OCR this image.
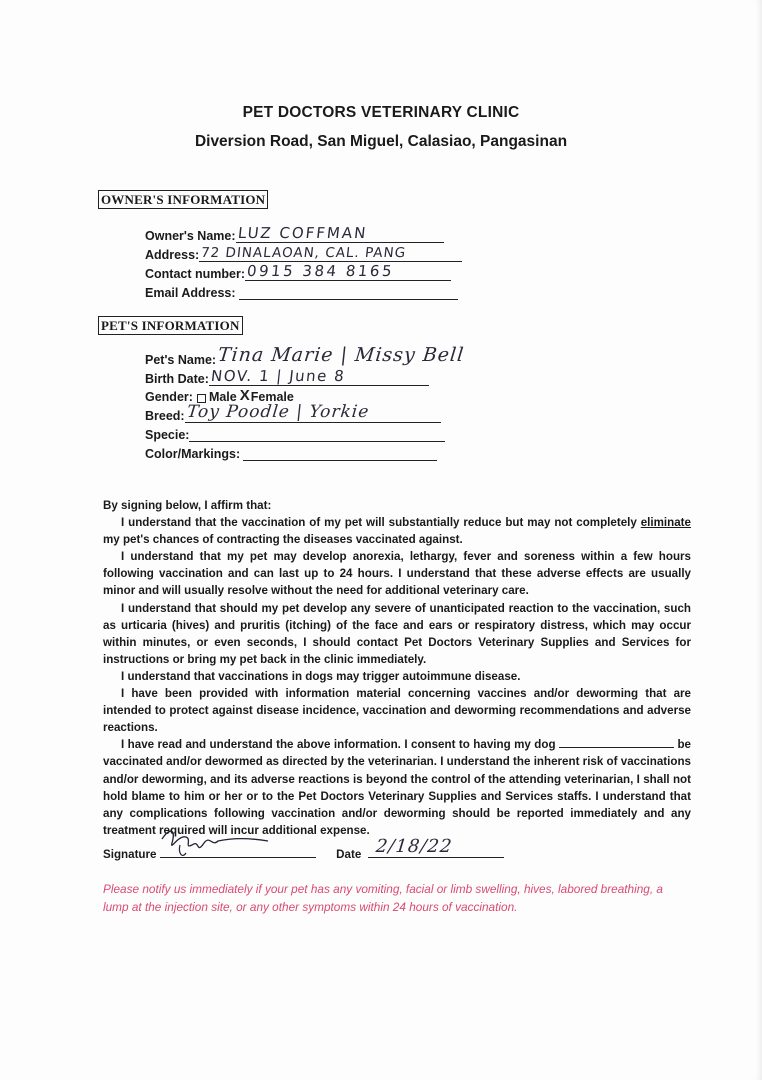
PET DOCTORS VETERINARY CLINIC
Diversion Road, San Miguel, Calasiao, Pangasinan
OWNER'S INFORMATION
Owner's Name: LUZ COFFMAN
Address: 72 DINALAOAN, CAL. PANG
Contact number: 0915 384 8165
Email Address:
PET'S INFORMATION
Pet's Name: Tina Marie | Missy Bell
Birth Date: NOV. 1 | June 8
Gender: Male X Female
Breed: Toy Poodle | Yorkie
Specie:
Color/Markings:

By signing below, I affirm that:

I understand that the vaccination of my pet will substantially reduce but may not completely eliminate my pet's chances of contracting the diseases vaccinated against.

I understand that my pet may develop anorexia, lethargy, fever and soreness within a few hours following vaccination and can last up to 24 hours. I understand that these adverse effects are usually minor and will usually resolve without the need for additional veterinary care.

I understand that should my pet develop any severe of unanticipated reaction to the vaccination, such as urticaria (hives) and pruritis (itching) of the face and ears or respiratory distress, which may occur within minutes, or even seconds, I should contact Pet Doctors Veterinary Supplies and Services for instructions or bring my pet back in the clinic immediately.

I understand that vaccinations in dogs may trigger autoimmune disease.

I have been provided with information material concerning vaccines and/or deworming that are intended to protect against disease incidence, vaccination and deworming recommendations and adverse reactions.

I have read and understand the above information. I consent to having my dog	be vaccinated and/or dewormed as directed by the veterinarian. I understand the inherent risk of vaccinations and/or deworming, and its adverse reactions is beyond the control of the attending veterinarian, I shall not hold blame to him or her or to the Pet Doctors Veterinary Supplies and Services staffs. I understand that any complications following vaccination and/or deworming should be reported immediately and any treatment required will incur additional expense.

Signature	Date 2/18/22
Please notify us immediately if your pet has any vomiting, facial or limb swelling, hives, labored breathing, a lump at the injection site, or any other symptoms within 24 hours of vaccination.
